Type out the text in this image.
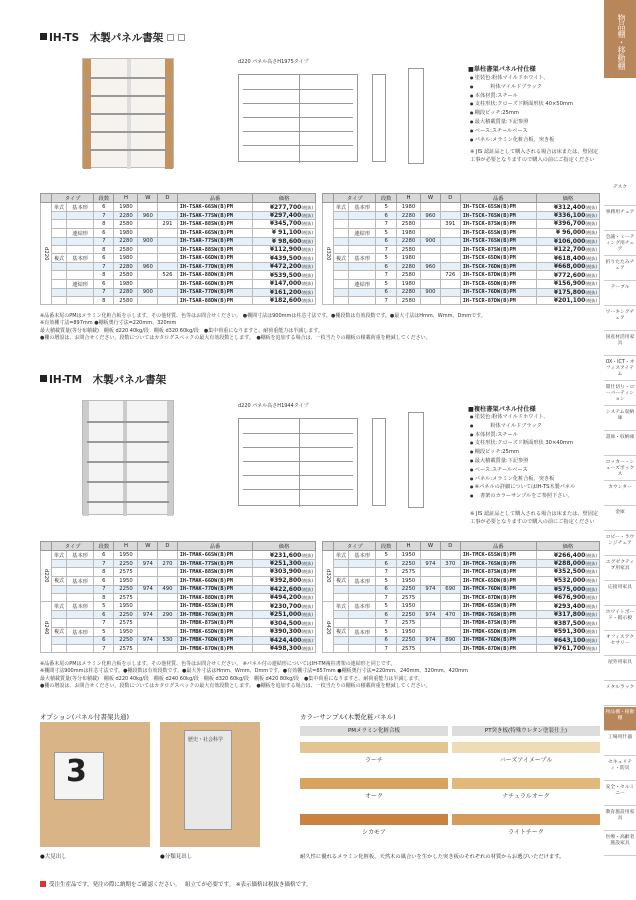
IH-TS　木製パネル書架
d220 パネル高さH1975タイプ
■単柱書架パネル付仕様
● 塗装色:粉体マイルドホワイト、
● 　　　粉体マイルドブラック
● 本体材質:スチール
● 支柱形状:クローズド断面形状 40×50mm
● 棚段ピッチ:25mm
● 最大積載質量:下記参照
● ベース:スチールベース
● パネル:メラミン化粧合板、突き板
※ JIS 認証品として購入される場合は床または、壁固定工事が必要となりますので購入の前にご指定ください
	タイプ		段数	H	W	D	品番	価格
d220	単式	基本形	6	1980			IH-TSAK-66SW(B)PM	¥277,700(税抜)
			7	2280	960		IH-TSAK-77SW(B)PM	¥297,400(税抜)
			8	2580		291	IH-TSAK-88SW(B)PM	¥345,700(税抜)
		連結形	6	1980			IH-TSAR-66SW(B)PM	¥ 91,100(税抜)
			7	2280	900		IH-TSAR-77SW(B)PM	¥ 98,600(税抜)
			8	2580			IH-TSAR-88SW(B)PM	¥112,900(税抜)
	複式	基本形	6	1980			IH-TSAK-66DW(B)PM	¥439,500(税抜)
			7	2280	960		IH-TSAK-77DW(B)PM	¥472,200(税抜)
			8	2580		526	IH-TSAK-88DW(B)PM	¥539,500(税抜)
		連結形	6	1980			IH-TSAR-66DW(B)PM	¥147,000(税抜)
			7	2280	900		IH-TSAR-77DW(B)PM	¥161,200(税抜)
			8	2580			IH-TSAR-88DW(B)PM	¥182,600(税抜)
	タイプ		段数	H	W	D	品番	価格
d320	単式	基本形	5	1980			IH-TSCK-65SW(B)PM	¥312,400(税抜)
			6	2280	960		IH-TSCK-76SW(B)PM	¥336,100(税抜)
			7	2580		391	IH-TSCK-87SW(B)PM	¥396,700(税抜)
		連結形	5	1980			IH-TSCR-65SW(B)PM	¥ 96,000(税抜)
			6	2280	900		IH-TSCR-76SW(B)PM	¥106,000(税抜)
			7	2580			IH-TSCR-87SW(B)PM	¥122,700(税抜)
	複式	基本形	5	1980			IH-TSCK-65DW(B)PM	¥618,400(税抜)
			6	2280	960		IH-TSCK-76DW(B)PM	¥668,000(税抜)
			7	2580		726	IH-TSCK-87DW(B)PM	¥772,600(税抜)
		連結形	5	1980			IH-TSCR-65DW(B)PM	¥156,900(税抜)
			6	2280	900		IH-TSCR-76DW(B)PM	¥175,800(税抜)
			7	2580			IH-TSCR-87DW(B)PM	¥201,100(税抜)
※品番末尾のPMはメラミン化粧合板を示します。その他材質、色等はお問合せください。 ●棚間寸法は900mmは柱芯寸法です。●棚段数は有効段数です。●最大寸法はHmm、Wmm、Dmmです。
※有効棚寸法=897mm ●棚板奥行寸法=220mm、320mm
最大積載質量(等分布積載)　棚板 d220 40kg/段　棚板 d320 60kg/段　●集中荷重になりますと、耐荷重能力は半減します。
●棚の増設は、お問合せください。段数についてはカタログスペックの最大有効段数とします。　●棚板を追加する場合は、一枚当たりの棚板の積載荷重を軽減してください。
IH-TM　木製パネル書架
d220 パネル高さH1944タイプ	■複柱書架パネル付仕様
● 塗装色:粉体マイルドホワイト、
● 　　　粉体マイルドブラック
● 本体材質:スチール
● 支柱形状:クローズド断面形状 30×40mm
● 棚段ピッチ:25mm
● 最大積載質量:下記参照
● ベース:スチールベース
● パネル:メラミン化粧合板、突き板
● ※パネルの詳細についてはIH-TS木製パネル
● 　書架のカラーサンプルをご参照下さい。
※ JIS 認証品として購入される場合は床または、壁固定工事が必要となりますので購入の前にご指定ください
	タイプ		段数	H	W	D	品番	価格
d220	単式	基本形	6	1950			IH-TMAK-66SW(B)PM	¥231,600(税抜)
			7	2250	974	270	IH-TMAK-77SW(B)PM	¥251,300(税抜)
			8	2575			IH-TMAK-88SW(B)PM	¥303,900(税抜)
	複式	基本形	6	1950			IH-TMAK-66DW(B)PM	¥392,800(税抜)
			7	2250	974	490	IH-TMAK-77DW(B)PM	¥422,600(税抜)
			8	2575			IH-TMAK-88DW(B)PM	¥494,200(税抜)
d240	単式	基本形	5	1950			IH-TMBK-65SW(B)PM	¥230,700(税抜)
			6	2250	974	290	IH-TMBK-76SW(B)PM	¥251,000(税抜)
			7	2575			IH-TMBK-87SW(B)PM	¥304,500(税抜)
	複式	基本形	5	1950			IH-TMBK-65DW(B)PM	¥390,300(税抜)
			6	2250	974	530	IH-TMBK-76DW(B)PM	¥424,400(税抜)
			7	2575			IH-TMBK-87DW(B)PM	¥498,300(税抜)
	タイプ		段数	H	W	D	品番	価格
d320	単式	基本形	5	1950			IH-TMCK-65SW(B)PM	¥266,400(税抜)
			6	2250	974	370	IH-TMCK-76SW(B)PM	¥288,000(税抜)
			7	2575			IH-TMCK-87SW(B)PM	¥352,500(税抜)
	複式	基本形	5	1950			IH-TMCK-65DW(B)PM	¥532,000(税抜)
			6	2250	974	690	IH-TMCK-76DW(B)PM	¥575,000(税抜)
			7	2575			IH-TMCK-87DW(B)PM	¥676,900(税抜)
d420	単式	基本形	5	1950			IH-TMDK-65SW(B)PM	¥293,400(税抜)
			6	2250	974	470	IH-TMDK-76SW(B)PM	¥317,800(税抜)
			7	2575			IH-TMDK-87SW(B)PM	¥387,500(税抜)
	複式	基本形	5	1950			IH-TMDK-65DW(B)PM	¥591,300(税抜)
			6	2250	974	890	IH-TMDK-76DW(B)PM	¥643,100(税抜)
			7	2575			IH-TMDK-87DW(B)PM	¥761,700(税抜)
※品番末尾のPMはメラミン化粧合板を示します。その他材質、色等はお問合せください。 ※パネル付の連結形についてはIH-TM複柱書架の連結形と同じです。
※棚間寸法900mmは柱芯寸法です。●棚段数は有効段数です。●最大外寸法はHmm、Wmm、Dmmです。●有効棚寸法=857mm ●棚板奥行寸法=220mm、240mm、320mm、420mm
最大積載質量(等分布積載)　棚板 d220 40kg/段　棚板 d240 60kg/段　棚板 d320 60kg/段　棚板 d420 80kg/段　●集中荷重になりますと、耐荷重能力は半減します。
●棚の増設は、お問合せください。段数についてはカタログスペックの最大有効段数とします。　●棚板を追加する場合は、一枚当たりの棚板の積載荷重を軽減してください。
オプション(パネル付書架共通)
3
歴史・社会科学
●大見出し	●分類見出し
カラーサンプル(木製化粧パネル)
PMメラミン化粧合板	PT突き板(特殊ウレタン塗装仕上)
ラーチ	バーズアイメープル
オーク	ナチュラルオーク
シカモア	ライトチーク
耐久性に優れるメラミン化粧板、天然木の風合いを生かした突き板のそれぞれの材質からお選びいただけます。
受注生産品です。発注の際に納期をご確認ください。　 組立てが必要です。 ※表示価格は税抜き価格です。
物品棚・移動棚
デスク
事務用チェア
会議・ミーティング用チェア
折りたたみチェア
テーブル
ワーキングチェア
国産材活用家具
OX・ICT・オフィスアイテム
間仕切り・ローパーティション
システム収納庫
書庫・収納庫
ロッカー・シューズボックス
カウンター
金庫
ロビー・ラウンジチェア
エグゼクティブ用家具
応接用家具
ホワイトボード・掲示板
オフィスアクセサリー
屋外用家具
メタルラック
物品棚・移動棚
工場用什器
セキュリティ・防災
安全・セルミニー
教育施設用家具
医療・高齢者施設家具
